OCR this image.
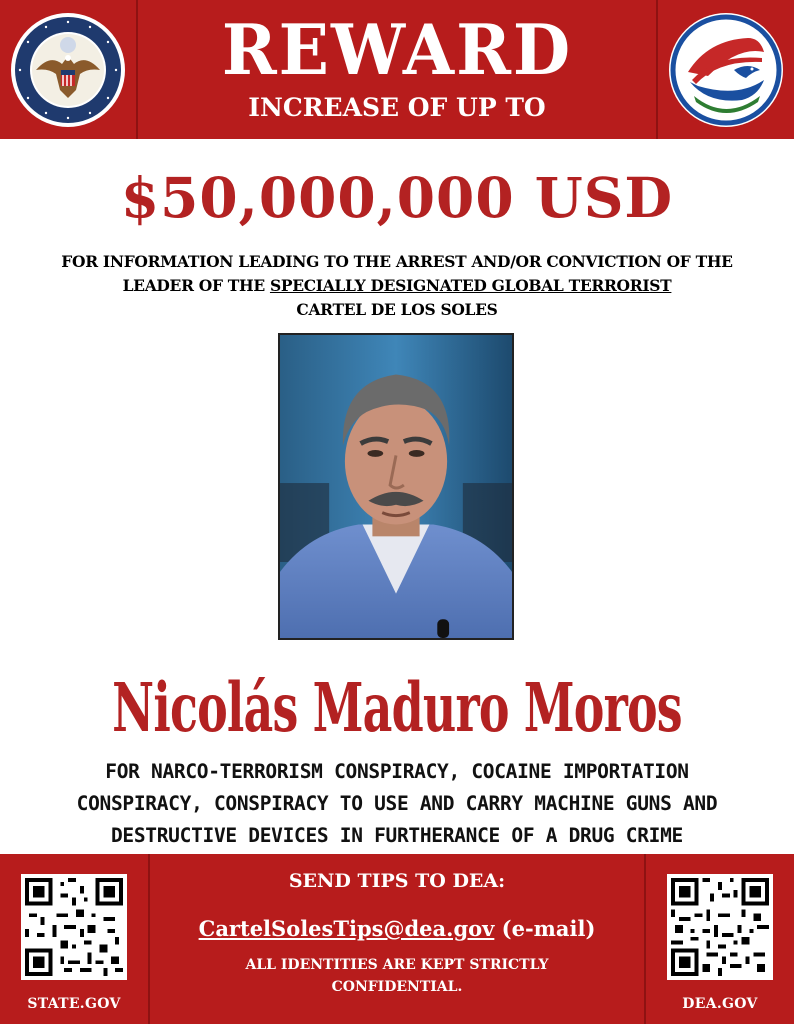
REWARD
INCREASE OF UP TO
$50,000,000 USD
FOR INFORMATION LEADING TO THE ARREST AND/OR CONVICTION OF THE
LEADER OF THE SPECIALLY DESIGNATED GLOBAL TERRORIST
CARTEL DE LOS SOLES
Nicolás Maduro Moros
FOR NARCO-TERRORISM CONSPIRACY, COCAINE IMPORTATION
CONSPIRACY, CONSPIRACY TO USE AND CARRY MACHINE GUNS AND
DESTRUCTIVE DEVICES IN FURTHERANCE OF A DRUG CRIME
STATE.GOV
SEND TIPS TO DEA:
CartelSolesTips@dea.gov (e-mail)
ALL IDENTITIES ARE KEPT STRICTLY CONFIDENTIAL.
DEA.GOV
